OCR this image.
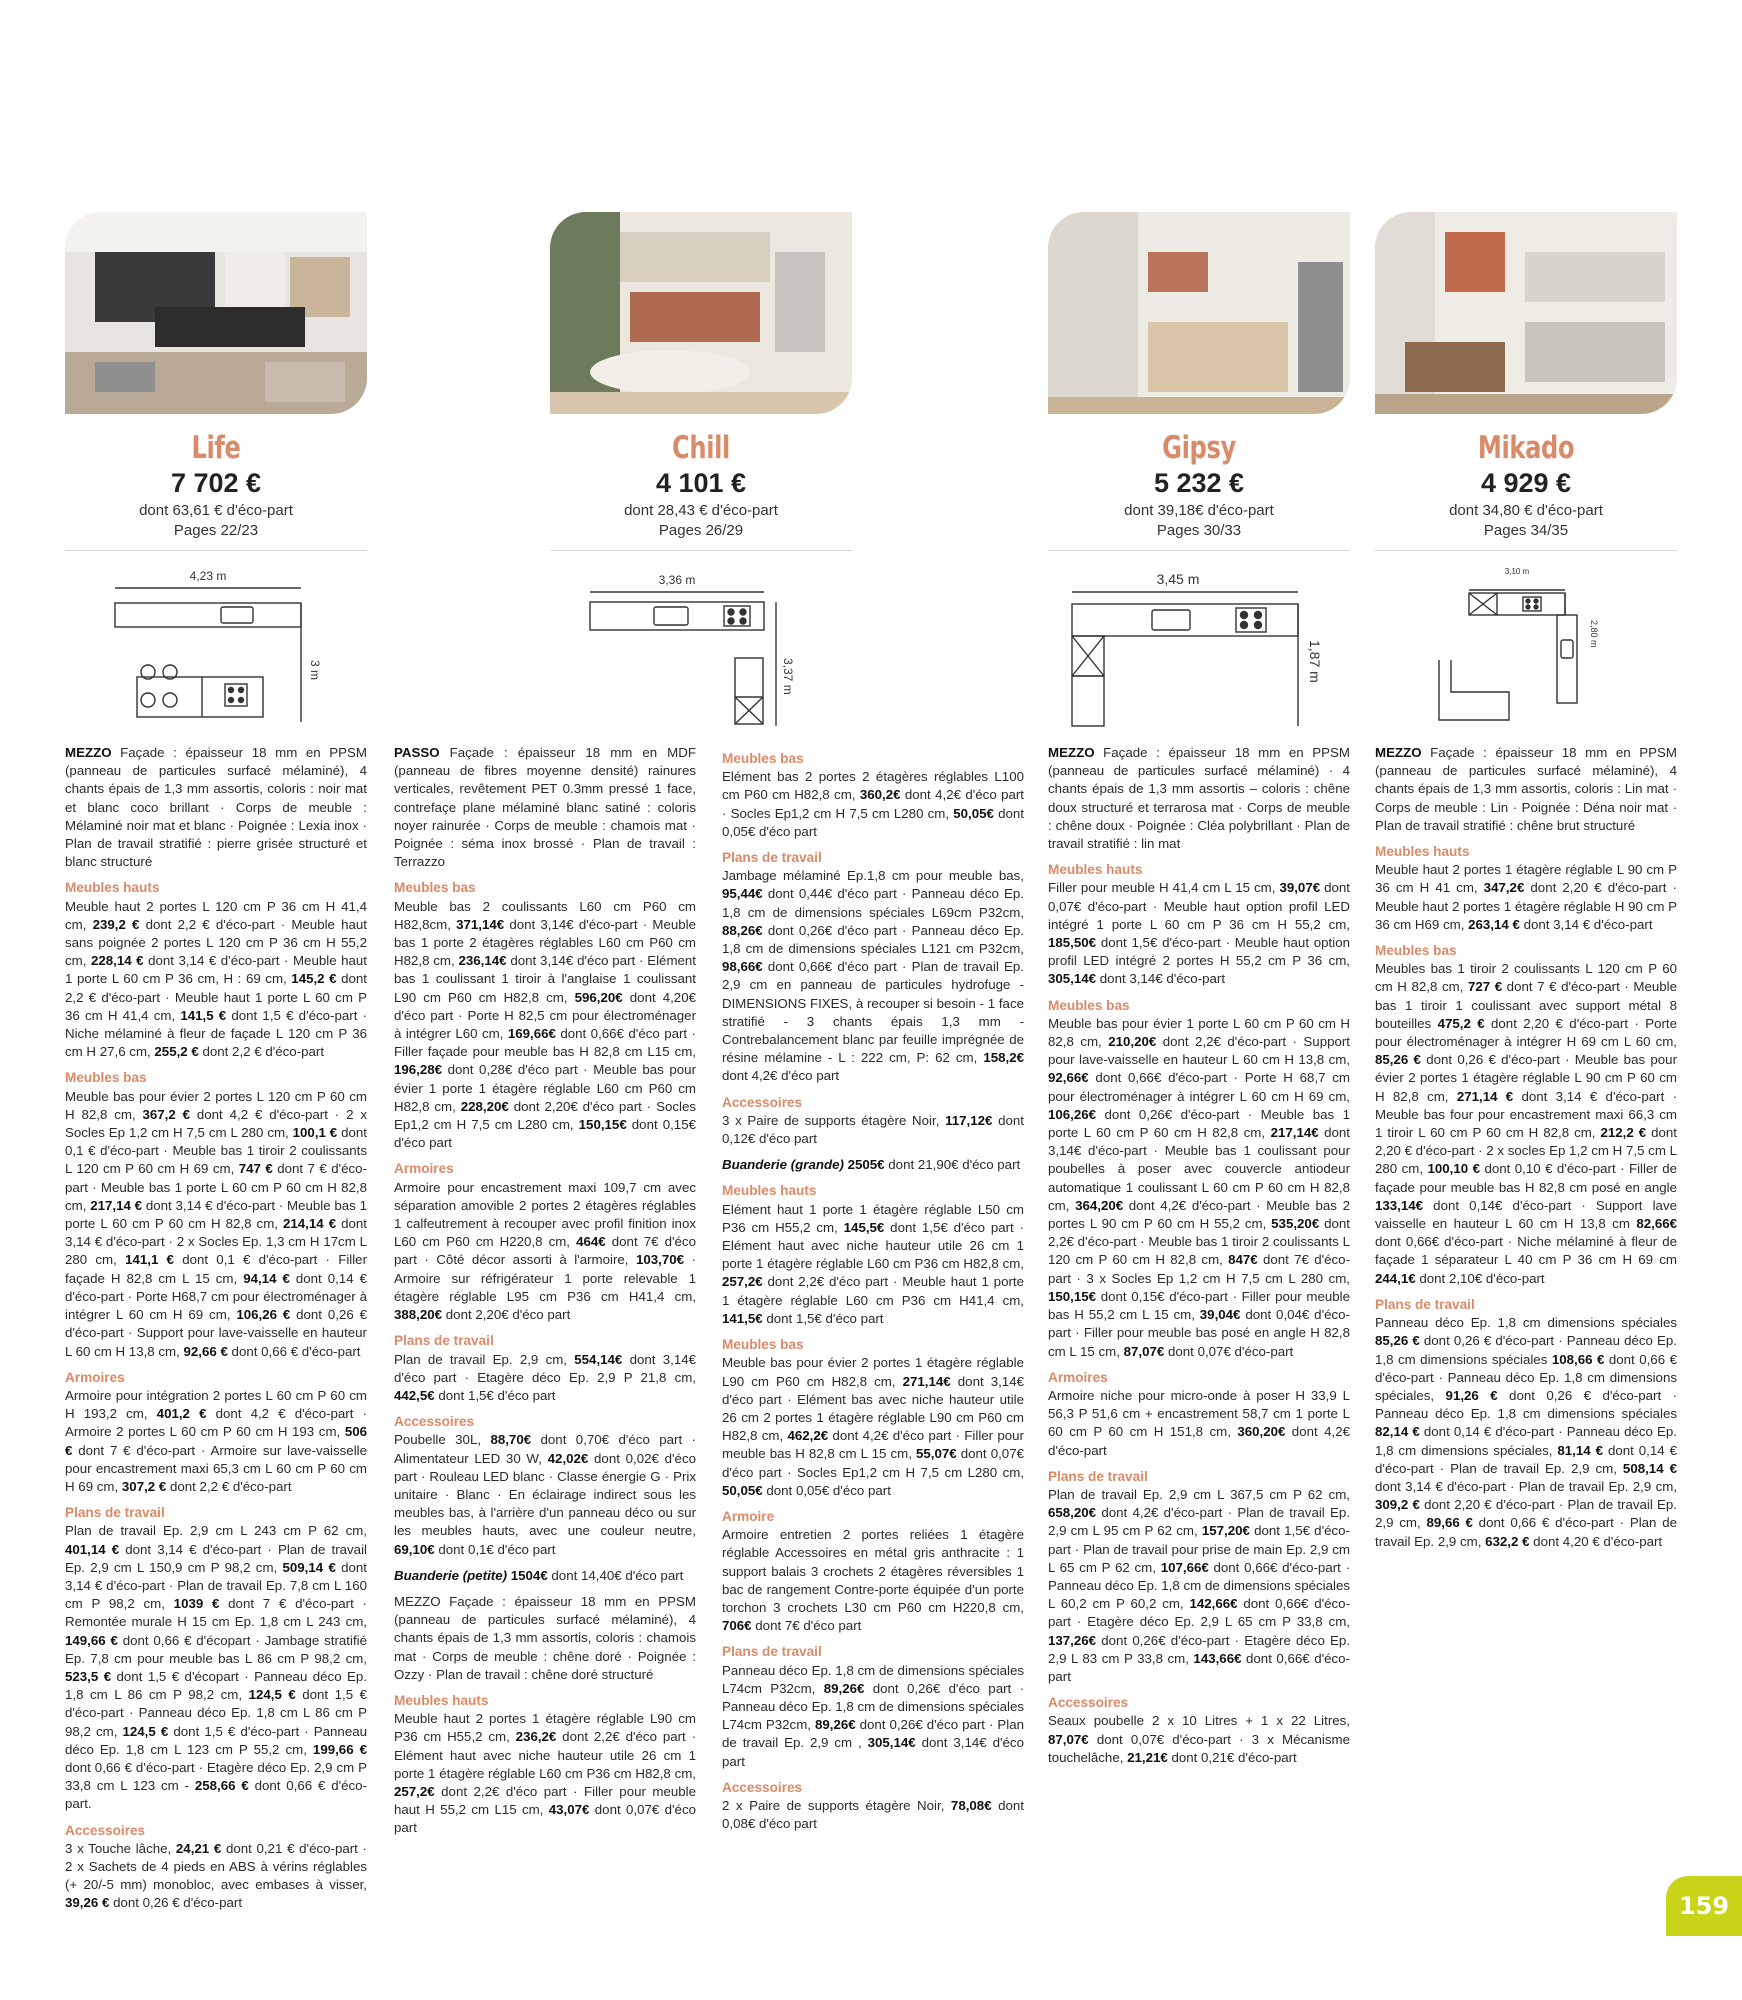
Life
7 702 €
dont 63,61 € d'éco-part
Pages 22/23
Chill
4 101 €
dont 28,43 € d'éco-part
Pages 26/29
Gipsy
5 232 €
dont 39,18€ d'éco-part
Pages 30/33
Mikado
4 929 €
dont 34,80 € d'éco-part
Pages 34/35
4,23 m
3 m
3,36 m
3,37 m
3,45 m
1,87 m
3,10 m
2,80 m

MEZZO Façade : épaisseur 18 mm en PPSM (panneau de particules surfacé mélaminé), 4 chants épais de 1,3 mm assortis, coloris : noir mat et blanc coco brillant · Corps de meuble : Mélaminé noir mat et blanc · Poignée : Lexia inox · Plan de travail stratifié : pierre grisée structuré et blanc structuré

Meubles hauts

Meuble haut 2 portes L 120 cm P 36 cm H 41,4 cm, 239,2 € dont 2,2 € d'éco-part · Meuble haut sans poignée 2 portes L 120 cm P 36 cm H 55,2 cm, 228,14 € dont 3,14 € d'éco-part · Meuble haut 1 porte L 60 cm P 36 cm, H : 69 cm, 145,2 € dont 2,2 € d'éco-part · Meuble haut 1 porte L 60 cm P 36 cm H 41,4 cm, 141,5 € dont 1,5 € d'éco-part · Niche mélaminé à fleur de façade L 120 cm P 36 cm H 27,6 cm, 255,2 € dont 2,2 € d'éco-part

Meubles bas

Meuble bas pour évier 2 portes L 120 cm P 60 cm H 82,8 cm, 367,2 € dont 4,2 € d'éco-part · 2 x Socles Ep 1,2 cm H 7,5 cm L 280 cm, 100,1 € dont 0,1 € d'éco-part · Meuble bas 1 tiroir 2 coulissants L 120 cm P 60 cm H 69 cm, 747 € dont 7 € d'éco-part · Meuble bas 1 porte L 60 cm P 60 cm H 82,8 cm, 217,14 € dont 3,14 € d'éco-part · Meuble bas 1 porte L 60 cm P 60 cm H 82,8 cm, 214,14 € dont 3,14 € d'éco-part · 2 x Socles Ep. 1,3 cm H 17cm L 280 cm, 141,1 € dont 0,1 € d'éco-part · Filler façade H 82,8 cm L 15 cm, 94,14 € dont 0,14 € d'éco-part · Porte H68,7 cm pour électroménager à intégrer L 60 cm H 69 cm, 106,26 € dont 0,26 € d'éco-part · Support pour lave-vaisselle en hauteur L 60 cm H 13,8 cm, 92,66 € dont 0,66 € d'éco-part

Armoires

Armoire pour intégration 2 portes L 60 cm P 60 cm H 193,2 cm, 401,2 € dont 4,2 € d'éco-part · Armoire 2 portes L 60 cm P 60 cm H 193 cm, 506 € dont 7 € d'éco-part · Armoire sur lave-vaisselle pour encastrement maxi 65,3 cm L 60 cm P 60 cm H 69 cm, 307,2 € dont 2,2 € d'éco-part

Plans de travail

Plan de travail Ep. 2,9 cm L 243 cm P 62 cm, 401,14 € dont 3,14 € d'éco-part · Plan de travail Ep. 2,9 cm L 150,9 cm P 98,2 cm, 509,14 € dont 3,14 € d'éco-part · Plan de travail Ep. 7,8 cm L 160 cm P 98,2 cm, 1039 € dont 7 € d'éco-part · Remontée murale H 15 cm Ep. 1,8 cm L 243 cm, 149,66 € dont 0,66 € d'écopart · Jambage stratifié Ep. 7,8 cm pour meuble bas L 86 cm P 98,2 cm, 523,5 € dont 1,5 € d'écopart · Panneau déco Ep. 1,8 cm L 86 cm P 98,2 cm, 124,5 € dont 1,5 € d'éco-part · Panneau déco Ep. 1,8 cm L 86 cm P 98,2 cm, 124,5 € dont 1,5 € d'éco-part · Panneau déco Ep. 1,8 cm L 123 cm P 55,2 cm, 199,66 € dont 0,66 € d'éco-part · Etagère déco Ep. 2,9 cm P 33,8 cm L 123 cm - 258,66 € dont 0,66 € d'éco-part.

Accessoires

3 x Touche lâche, 24,21 € dont 0,21 € d'éco-part · 2 x Sachets de 4 pieds en ABS à vérins réglables (+ 20/-5 mm) monobloc, avec embases à visser, 39,26 € dont 0,26 € d'éco-part

PASSO Façade : épaisseur 18 mm en MDF (panneau de fibres moyenne densité) rainures verticales, revêtement PET 0.3mm pressé 1 face, contrefaçe plane mélaminé blanc satiné : coloris noyer rainurée · Corps de meuble : chamois mat · Poignée : séma inox brossé · Plan de travail : Terrazzo

Meubles bas

Meuble bas 2 coulissants L60 cm P60 cm H82,8cm, 371,14€ dont 3,14€ d'éco-part · Meuble bas 1 porte 2 étagères réglables L60 cm P60 cm H82,8 cm, 236,14€ dont 3,14€ d'éco part · Elément bas 1 coulissant 1 tiroir à l'anglaise 1 coulissant L90 cm P60 cm H82,8 cm, 596,20€ dont 4,20€ d'éco part · Porte H 82,5 cm pour électroménager à intégrer L60 cm, 169,66€ dont 0,66€ d'éco part · Filler façade pour meuble bas H 82,8 cm L15 cm, 196,28€ dont 0,28€ d'éco part · Meuble bas pour évier 1 porte 1 étagère réglable L60 cm P60 cm H82,8 cm, 228,20€ dont 2,20€ d'éco part · Socles Ep1,2 cm H 7,5 cm L280 cm, 150,15€ dont 0,15€ d'éco part

Armoires

Armoire pour encastrement maxi 109,7 cm avec séparation amovible 2 portes 2 étagères réglables 1 calfeutrement à recouper avec profil finition inox L60 cm P60 cm H220,8 cm, 464€ dont 7€ d'éco part · Côté décor assorti à l'armoire, 103,70€ · Armoire sur réfrigérateur 1 porte relevable 1 étagère réglable L95 cm P36 cm H41,4 cm, 388,20€ dont 2,20€ d'éco part

Plans de travail

Plan de travail Ep. 2,9 cm, 554,14€ dont 3,14€ d'éco part · Etagère déco Ep. 2,9 P 21,8 cm, 442,5€ dont 1,5€ d'éco part

Accessoires

Poubelle 30L, 88,70€ dont 0,70€ d'éco part · Alimentateur LED 30 W, 42,02€ dont 0,02€ d'éco part · Rouleau LED blanc · Classe énergie G · Prix unitaire · Blanc · En éclairage indirect sous les meubles bas, à l'arrière d'un panneau déco ou sur les meubles hauts, avec une couleur neutre, 69,10€ dont 0,1€ d'éco part

Buanderie (petite) 1504€ dont 14,40€ d'éco part

MEZZO Façade : épaisseur 18 mm en PPSM (panneau de particules surfacé mélaminé), 4 chants épais de 1,3 mm assortis, coloris : chamois mat · Corps de meuble : chêne doré · Poignée : Ozzy · Plan de travail : chêne doré structuré

Meubles hauts

Meuble haut 2 portes 1 étagère réglable L90 cm P36 cm H55,2 cm, 236,2€ dont 2,2€ d'éco part · Elément haut avec niche hauteur utile 26 cm 1 porte 1 étagère réglable L60 cm P36 cm H82,8 cm, 257,2€ dont 2,2€ d'éco part · Filler pour meuble haut H 55,2 cm L15 cm, 43,07€ dont 0,07€ d'éco part

Meubles bas

Elément bas 2 portes 2 étagères réglables L100 cm P60 cm H82,8 cm, 360,2€ dont 4,2€ d'éco part · Socles Ep1,2 cm H 7,5 cm L280 cm, 50,05€ dont 0,05€ d'éco part

Plans de travail

Jambage mélaminé Ep.1,8 cm pour meuble bas, 95,44€ dont 0,44€ d'éco part · Panneau déco Ep. 1,8 cm de dimensions spéciales L69cm P32cm, 88,26€ dont 0,26€ d'éco part · Panneau déco Ep. 1,8 cm de dimensions spéciales L121 cm P32cm, 98,66€ dont 0,66€ d'éco part · Plan de travail Ep. 2,9 cm en panneau de particules hydrofuge - DIMENSIONS FIXES, à recouper si besoin - 1 face stratifié - 3 chants épais 1,3 mm - Contrebalancement blanc par feuille imprégnée de résine mélamine - L : 222 cm, P: 62 cm, 158,2€ dont 4,2€ d'éco part

Accessoires

3 x Paire de supports étagère Noir, 117,12€ dont 0,12€ d'éco part

Buanderie (grande) 2505€ dont 21,90€ d'éco part

Meubles hauts

Elément haut 1 porte 1 étagère réglable L50 cm P36 cm H55,2 cm, 145,5€ dont 1,5€ d'éco part · Elément haut avec niche hauteur utile 26 cm 1 porte 1 étagère réglable L60 cm P36 cm H82,8 cm, 257,2€ dont 2,2€ d'éco part · Meuble haut 1 porte 1 étagère réglable L60 cm P36 cm H41,4 cm, 141,5€ dont 1,5€ d'éco part

Meubles bas

Meuble bas pour évier 2 portes 1 étagère réglable L90 cm P60 cm H82,8 cm, 271,14€ dont 3,14€ d'éco part · Elément bas avec niche hauteur utile 26 cm 2 portes 1 étagère réglable L90 cm P60 cm H82,8 cm, 462,2€ dont 4,2€ d'éco part · Filler pour meuble bas H 82,8 cm L 15 cm, 55,07€ dont 0,07€ d'éco part · Socles Ep1,2 cm H 7,5 cm L280 cm, 50,05€ dont 0,05€ d'éco part

Armoire

Armoire entretien 2 portes reliées 1 étagère réglable Accessoires en métal gris anthracite : 1 support balais 3 crochets 2 étagères réversibles 1 bac de rangement Contre-porte équipée d'un porte torchon 3 crochets L30 cm P60 cm H220,8 cm, 706€ dont 7€ d'éco part

Plans de travail

Panneau déco Ep. 1,8 cm de dimensions spéciales L74cm P32cm, 89,26€ dont 0,26€ d'éco part · Panneau déco Ep. 1,8 cm de dimensions spéciales L74cm P32cm, 89,26€ dont 0,26€ d'éco part · Plan de travail Ep. 2,9 cm , 305,14€ dont 3,14€ d'éco part

Accessoires

2 x Paire de supports étagère Noir, 78,08€ dont 0,08€ d'éco part

MEZZO Façade : épaisseur 18 mm en PPSM (panneau de particules surfacé mélaminé) · 4 chants épais de 1,3 mm assortis – coloris : chêne doux structuré et terrarosa mat · Corps de meuble : chêne doux · Poignée : Cléa polybrillant · Plan de travail stratifié : lin mat

Meubles hauts

Filler pour meuble H 41,4 cm L 15 cm, 39,07€ dont 0,07€ d'éco-part · Meuble haut option profil LED intégré 1 porte L 60 cm P 36 cm H 55,2 cm, 185,50€ dont 1,5€ d'éco-part · Meuble haut option profil LED intégré 2 portes H 55,2 cm P 36 cm, 305,14€ dont 3,14€ d'éco-part

Meubles bas

Meuble bas pour évier 1 porte L 60 cm P 60 cm H 82,8 cm, 210,20€ dont 2,2€ d'éco-part · Support pour lave-vaisselle en hauteur L 60 cm H 13,8 cm, 92,66€ dont 0,66€ d'éco-part · Porte H 68,7 cm pour électroménager à intégrer L 60 cm H 69 cm, 106,26€ dont 0,26€ d'éco-part · Meuble bas 1 porte L 60 cm P 60 cm H 82,8 cm, 217,14€ dont 3,14€ d'éco-part · Meuble bas 1 coulissant pour poubelles à poser avec couvercle antiodeur automatique 1 coulissant L 60 cm P 60 cm H 82,8 cm, 364,20€ dont 4,2€ d'éco-part · Meuble bas 2 portes L 90 cm P 60 cm H 55,2 cm, 535,20€ dont 2,2€ d'éco-part · Meuble bas 1 tiroir 2 coulissants L 120 cm P 60 cm H 82,8 cm, 847€ dont 7€ d'éco-part · 3 x Socles Ep 1,2 cm H 7,5 cm L 280 cm, 150,15€ dont 0,15€ d'éco-part · Filler pour meuble bas H 55,2 cm L 15 cm, 39,04€ dont 0,04€ d'éco-part · Filler pour meuble bas posé en angle H 82,8 cm L 15 cm, 87,07€ dont 0,07€ d'éco-part

Armoires

Armoire niche pour micro-onde à poser H 33,9 L 56,3 P 51,6 cm + encastrement 58,7 cm 1 porte L 60 cm P 60 cm H 151,8 cm, 360,20€ dont 4,2€ d'éco-part

Plans de travail

Plan de travail Ep. 2,9 cm L 367,5 cm P 62 cm, 658,20€ dont 4,2€ d'éco-part · Plan de travail Ep. 2,9 cm L 95 cm P 62 cm, 157,20€ dont 1,5€ d'éco-part · Plan de travail pour prise de main Ep. 2,9 cm L 65 cm P 62 cm, 107,66€ dont 0,66€ d'éco-part · Panneau déco Ep. 1,8 cm de dimensions spéciales L 60,2 cm P 60,2 cm, 142,66€ dont 0,66€ d'éco-part · Etagère déco Ep. 2,9 L 65 cm P 33,8 cm, 137,26€ dont 0,26€ d'éco-part · Etagère déco Ep. 2,9 L 83 cm P 33,8 cm, 143,66€ dont 0,66€ d'éco-part

Accessoires

Seaux poubelle 2 x 10 Litres + 1 x 22 Litres, 87,07€ dont 0,07€ d'éco-part · 3 x Mécanisme touchelâche, 21,21€ dont 0,21€ d'éco-part

MEZZO Façade : épaisseur 18 mm en PPSM (panneau de particules surfacé mélaminé), 4 chants épais de 1,3 mm assortis, coloris : Lin mat · Corps de meuble : Lin · Poignée : Déna noir mat · Plan de travail stratifié : chêne brut structuré

Meubles hauts

Meuble haut 2 portes 1 étagère réglable L 90 cm P 36 cm H 41 cm, 347,2€ dont 2,20 € d'éco-part · Meuble haut 2 portes 1 étagère réglable H 90 cm P 36 cm H69 cm, 263,14 € dont 3,14 € d'éco-part

Meubles bas

Meubles bas 1 tiroir 2 coulissants L 120 cm P 60 cm H 82,8 cm, 727 € dont 7 € d'éco-part · Meuble bas 1 tiroir 1 coulissant avec support métal 8 bouteilles 475,2 € dont 2,20 € d'éco-part · Porte pour électroménager à intégrer H 69 cm L 60 cm, 85,26 € dont 0,26 € d'éco-part · Meuble bas pour évier 2 portes 1 étagère réglable L 90 cm P 60 cm H 82,8 cm, 271,14 € dont 3,14 € d'éco-part · Meuble bas four pour encastrement maxi 66,3 cm 1 tiroir L 60 cm P 60 cm H 82,8 cm, 212,2 € dont 2,20 € d'éco-part · 2 x socles Ep 1,2 cm H 7,5 cm L 280 cm, 100,10 € dont 0,10 € d'éco-part · Filler de façade pour meuble bas H 82,8 cm posé en angle 133,14€ dont 0,14€ d'éco-part · Support lave vaisselle en hauteur L 60 cm H 13,8 cm 82,66€ dont 0,66€ d'éco-part · Niche mélaminé à fleur de façade 1 séparateur L 40 cm P 36 cm H 69 cm 244,1€ dont 2,10€ d'éco-part

Plans de travail

Panneau déco Ep. 1,8 cm dimensions spéciales 85,26 € dont 0,26 € d'éco-part · Panneau déco Ep. 1,8 cm dimensions spéciales 108,66 € dont 0,66 € d'éco-part · Panneau déco Ep. 1,8 cm dimensions spéciales, 91,26 € dont 0,26 € d'éco-part · Panneau déco Ep. 1,8 cm dimensions spéciales 82,14 € dont 0,14 € d'éco-part · Panneau déco Ep. 1,8 cm dimensions spéciales, 81,14 € dont 0,14 € d'éco-part · Plan de travail Ep. 2,9 cm, 508,14 € dont 3,14 € d'éco-part · Plan de travail Ep. 2,9 cm, 309,2 € dont 2,20 € d'éco-part · Plan de travail Ep. 2,9 cm, 89,66 € dont 0,66 € d'éco-part · Plan de travail Ep. 2,9 cm, 632,2 € dont 4,20 € d'éco-part

159
